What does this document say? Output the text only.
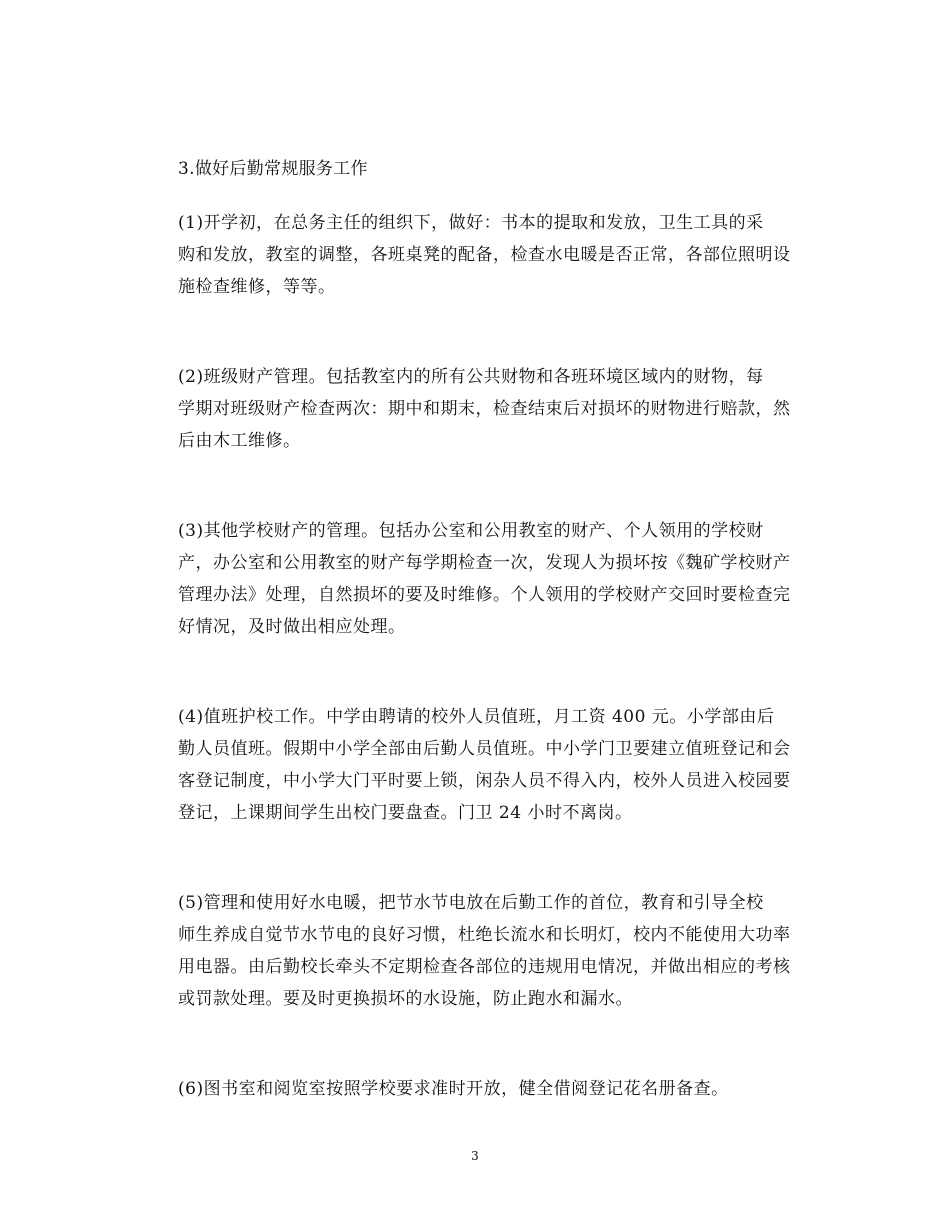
3.做好后勤常规服务工作
(1)开学初，在总务主任的组织下，做好：书本的提取和发放，卫生工具的采
购和发放，教室的调整，各班桌凳的配备，检查水电暖是否正常，各部位照明设
施检查维修，等等。
(2)班级财产管理。包括教室内的所有公共财物和各班环境区域内的财物，每
学期对班级财产检查两次：期中和期末，检查结束后对损坏的财物进行赔款，然
后由木工维修。
(3)其他学校财产的管理。包括办公室和公用教室的财产、个人领用的学校财
产，办公室和公用教室的财产每学期检查一次，发现人为损坏按《魏矿学校财产
管理办法》处理，自然损坏的要及时维修。个人领用的学校财产交回时要检查完
好情况，及时做出相应处理。
(4)值班护校工作。中学由聘请的校外人员值班，月工资 400 元。小学部由后
勤人员值班。假期中小学全部由后勤人员值班。中小学门卫要建立值班登记和会
客登记制度，中小学大门平时要上锁，闲杂人员不得入内，校外人员进入校园要
登记，上课期间学生出校门要盘查。门卫 24 小时不离岗。
(5)管理和使用好水电暖，把节水节电放在后勤工作的首位，教育和引导全校
师生养成自觉节水节电的良好习惯，杜绝长流水和长明灯，校内不能使用大功率
用电器。由后勤校长牵头不定期检查各部位的违规用电情况，并做出相应的考核
或罚款处理。要及时更换损坏的水设施，防止跑水和漏水。
(6)图书室和阅览室按照学校要求准时开放，健全借阅登记花名册备查。
3
